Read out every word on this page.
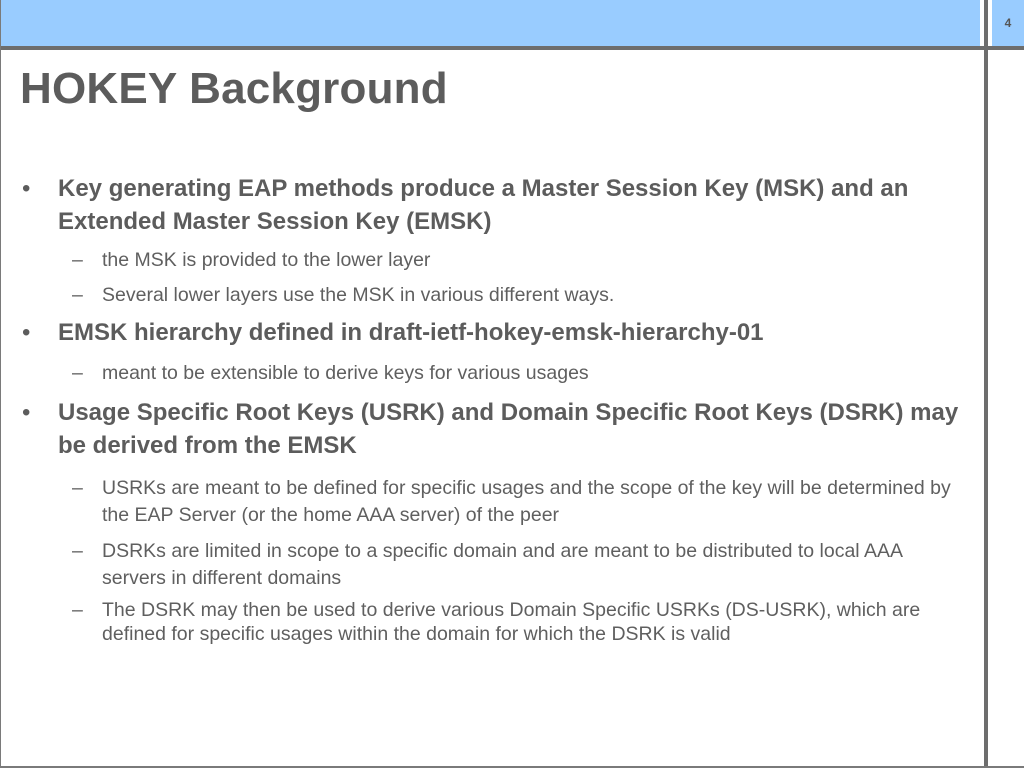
4
HOKEY Background
• Key generating EAP methods produce a Master Session Key (MSK) and an Extended Master Session Key (EMSK)
– the MSK is provided to the lower layer
– Several lower layers use the MSK in various different ways.
• EMSK hierarchy defined in draft-ietf-hokey-emsk-hierarchy-01
– meant to be extensible to derive keys for various usages
• Usage Specific Root Keys (USRK) and Domain Specific Root Keys (DSRK) may be derived from the EMSK
– USRKs are meant to be defined for specific usages and the scope of the key will be determined by the EAP Server (or the home AAA server) of the peer
– DSRKs are limited in scope to a specific domain and are meant to be distributed to local AAA servers in different domains
– The DSRK may then be used to derive various Domain Specific USRKs (DS-USRK), which are defined for specific usages within the domain for which the DSRK is valid
